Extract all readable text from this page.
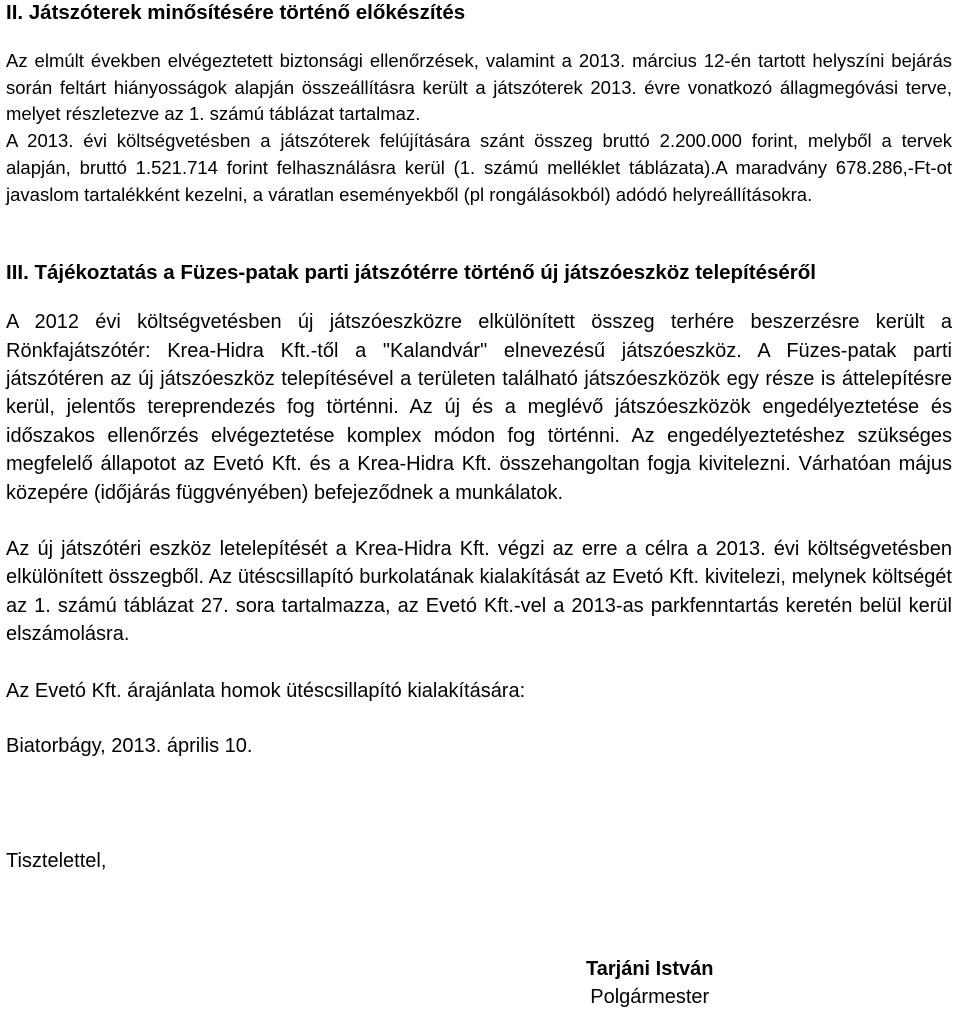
II. Játszóterek minősítésére történő előkészítés

Az elmúlt években elvégeztetett biztonsági ellenőrzések, valamint a 2013. március 12-én tartott helyszíni bejárás során feltárt hiányosságok alapján összeállításra került a játszóterek 2013. évre vonatkozó állagmegóvási terve, melyet részletezve az 1. számú táblázat tartalmaz.

A 2013. évi költségvetésben a játszóterek felújítására szánt összeg bruttó 2.200.000 forint, melyből a tervek alapján, bruttó 1.521.714 forint felhasználásra kerül (1. számú melléklet táblázata).A maradvány 678.286,-Ft-ot javaslom tartalékként kezelni, a váratlan eseményekből (pl rongálásokból) adódó helyreállításokra.

III. Tájékoztatás a Füzes-patak parti játszótérre történő új játszóeszköz telepítéséről

A 2012 évi költségvetésben új játszóeszközre elkülönített összeg terhére beszerzésre került a Rönkfajátszótér: Krea-Hidra Kft.-től a "Kalandvár" elnevezésű játszóeszköz. A Füzes-patak parti játszótéren az új játszóeszköz telepítésével a területen található játszóeszközök egy része is áttelepítésre kerül, jelentős tereprendezés fog történni. Az új és a meglévő játszóeszközök engedélyeztetése és időszakos ellenőrzés elvégeztetése komplex módon fog történni. Az engedélyeztetéshez szükséges megfelelő állapotot az Evetó Kft. és a Krea-Hidra Kft. összehangoltan fogja kivitelezni. Várhatóan május közepére (időjárás függvényében) befejeződnek a munkálatok.

Az új játszótéri eszköz letelepítését a Krea-Hidra Kft. végzi az erre a célra a 2013. évi költségvetésben elkülönített összegből. Az ütéscsillapító burkolatának kialakítását az Evetó Kft. kivitelezi, melynek költségét az 1. számú táblázat 27. sora tartalmazza, az Evetó Kft.-vel a 2013-as parkfenntartás keretén belül kerül elszámolásra.

Az Evetó Kft. árajánlata homok ütéscsillapító kialakítására:

Biatorbágy, 2013. április 10.

Tisztelettel,

Tarjáni István
Polgármester
